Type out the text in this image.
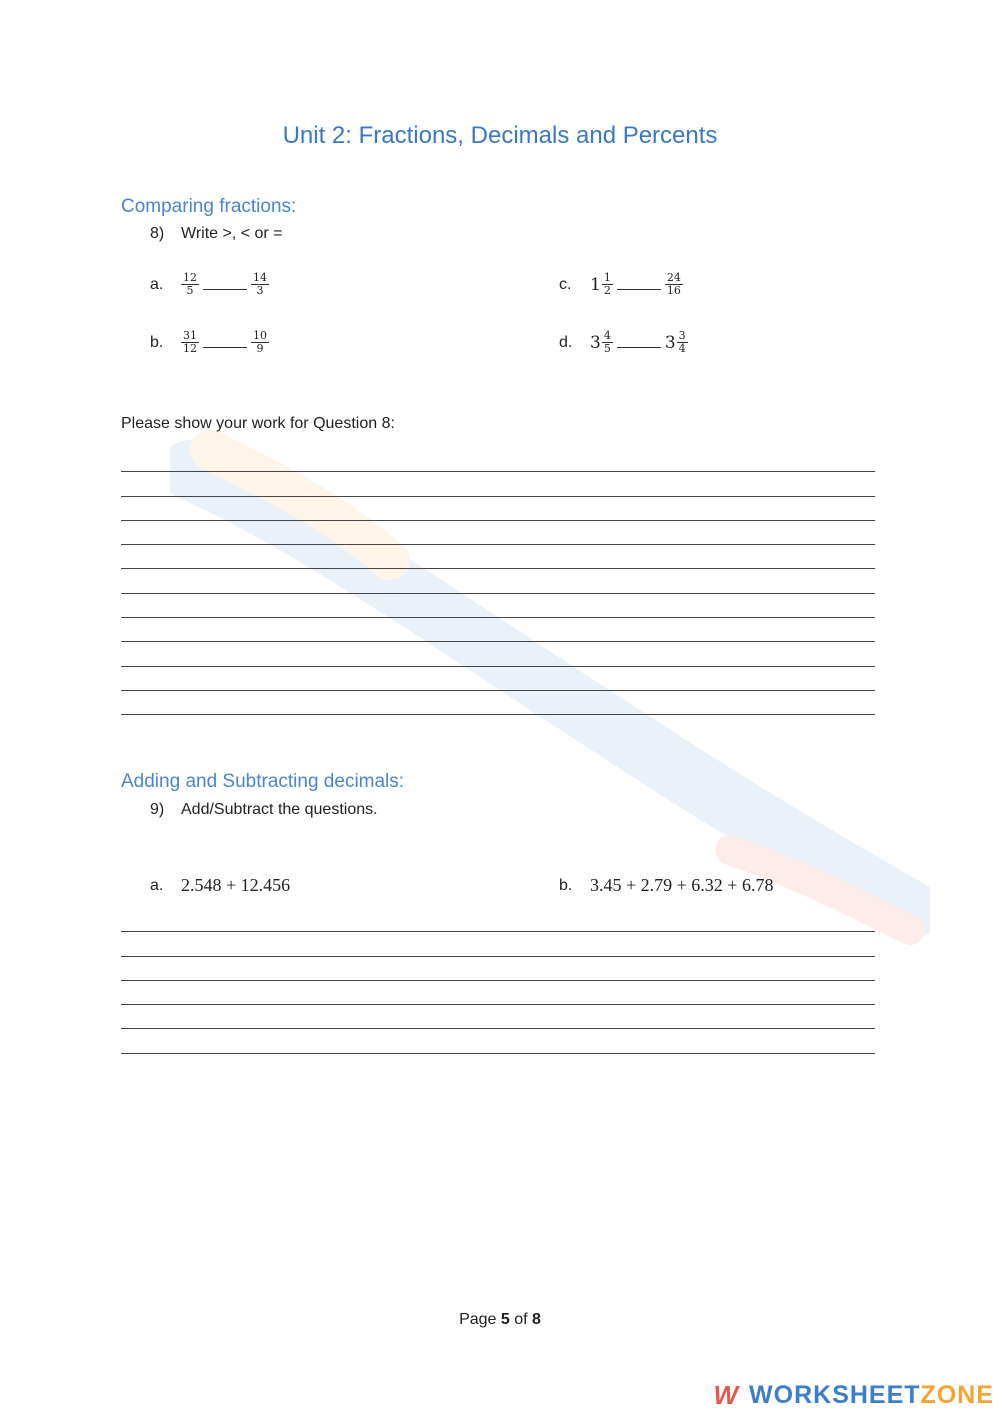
Unit 2: Fractions, Decimals and Percents
Comparing fractions:
8) Write >, < or =
a.	$\frac{12}{5}$	$\frac{14}{3}$	c.	$1 \frac{1}{2}$	$\frac{24}{16}$
b.	$\frac{31}{12}$	$\frac{10}{9}$	d.	$3 \frac{4}{5}$	$3 \frac{3}{4}$
Please show your work for Question 8:
Adding and Subtracting decimals:
9) Add/Subtract the questions.
a. 2.548 + 12.456	b. 3.45 + 2.79 + 6.32 + 6.78
Page 5 of 8
W WORKSHEET ZONE
